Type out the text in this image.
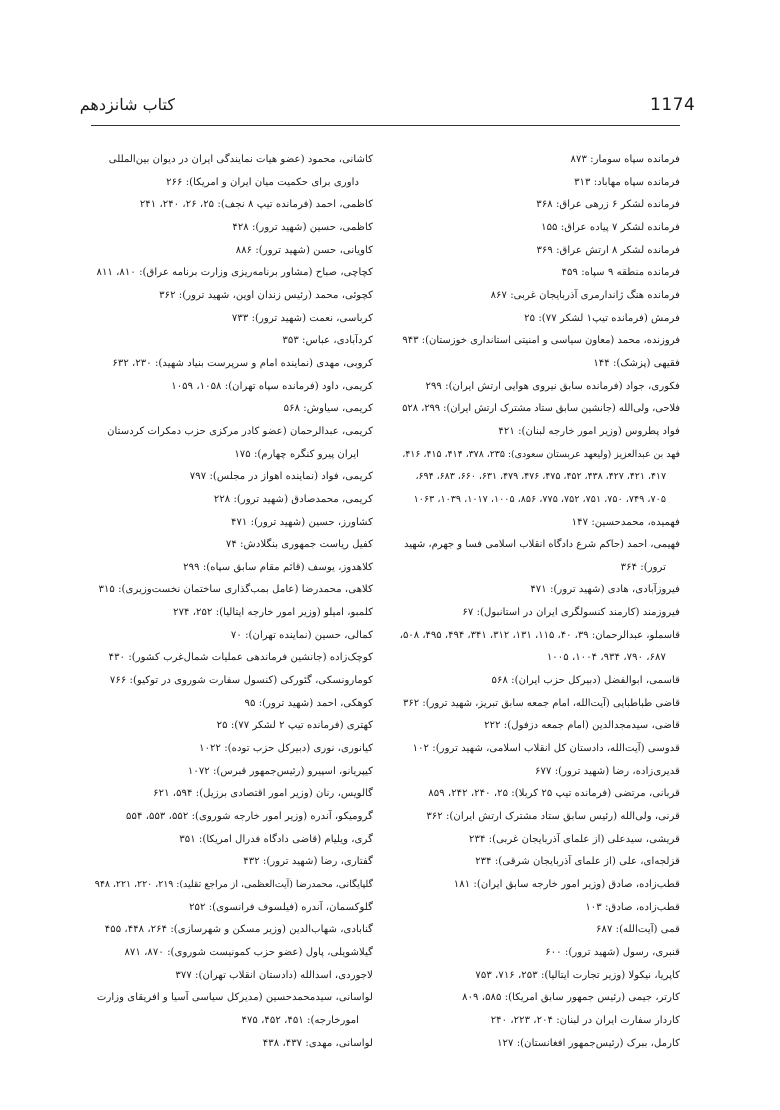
1174
کتاب شانزدهم
فرمانده سپاه سومار: ۸۷۳
فرمانده سپاه مهاباد: ۳۱۳
فرمانده لشکر ۶ زرهی عراق: ۳۶۸
فرمانده لشکر ۷ پیاده عراق: ۱۵۵
فرمانده لشکر ۸ ارتش عراق: ۳۶۹
فرمانده منطقه ۹ سپاه: ۴۵۹
فرمانده هنگ ژاندارمری آذربایجان غربی: ۸۶۷
فرمش (فرمانده تیپ۱ لشکر ۷۷): ۲۵
فروزنده، محمد (معاون سیاسی و امنیتی استانداری خوزستان): ۹۴۳
فقیهی (پزشک): ۱۴۴
فکوری، جواد (فرمانده سابق نیروی هوایی ارتش ایران): ۲۹۹
فلاحی، ولی‌الله (جانشین سابق ستاد مشترک ارتش ایران): ۲۹۹، ۵۲۸
فواد پطروس (وزیر امور خارجه لبنان): ۴۲۱
فهد بن عبدالعزیز (ولیعهد عربستان سعودی): ۲۳۵، ۳۷۸، ۴۱۴، ۴۱۵، ۴۱۶،
۴۱۷، ۴۲۱، ۴۲۷، ۴۳۸، ۴۵۲، ۴۷۵، ۴۷۶، ۴۷۹، ۶۳۱، ۶۶۰، ۶۸۳، ۶۹۴،
۷۰۵، ۷۴۹، ۷۵۰، ۷۵۱، ۷۵۲، ۷۷۵، ۸۵۶، ۱۰۰۵، ۱۰۱۷، ۱۰۳۹، ۱۰۶۳
فهمیده، محمدحسین: ۱۴۷
فهیمی، احمد (حاکم شرع دادگاه انقلاب اسلامی فسا و جهرم، شهید
ترور): ۳۶۴
فیروزآبادی، هادی (شهید ترور): ۴۷۱
فیروزمند (کارمند کنسولگری ایران در استانبول): ۶۷
قاسملو، عبدالرحمان: ۳۹، ۴۰، ۱۱۵، ۱۳۱، ۳۱۲، ۳۴۱، ۴۹۴، ۴۹۵، ۵۰۸،
۶۸۷، ۷۹۰، ۹۳۴، ۱۰۰۴، ۱۰۰۵
قاسمی، ابوالفضل (دبیرکل حزب ایران): ۵۶۸
قاضی طباطبایی (آیت‌الله، امام جمعه سابق تبریز، شهید ترور): ۳۶۲
قاضی، سیدمجدالدین (امام جمعه دزفول): ۲۲۲
قدوسی (آیت‌الله، دادستان کل انقلاب اسلامی، شهید ترور): ۱۰۲
قدیری‌زاده، رضا (شهید ترور): ۶۷۷
قربانی، مرتضی (فرمانده تیپ ۲۵ کربلا): ۲۵، ۲۴۰، ۲۴۲، ۸۵۹
قرنی، ولی‌الله (رئیس سابق ستاد مشترک ارتش ایران): ۳۶۲
قریشی، سیدعلی (از علمای آذربایجان غربی): ۲۳۴
قزلجه‌ای، علی (از علمای آذربایجان شرقی): ۲۳۴
قطب‌زاده، صادق (وزیر امور خارجه سابق ایران): ۱۸۱
قطب‌زاده، صادق: ۱۰۳
قمی (آیت‌الله): ۶۸۷
قنبری، رسول (شهید ترور): ۶۰۰
کاپریا، نیکولا (وزیر تجارت ایتالیا): ۲۵۳، ۷۱۶، ۷۵۳
کارتر، جیمی (رئیس جمهور سابق امریکا): ۵۸۵، ۸۰۹
کاردار سفارت ایران در لبنان: ۲۰۴، ۲۲۳، ۲۴۰
کارمل، ببرک (رئیس‌جمهور افغانستان): ۱۲۷
کاشانی، محمود (عضو هیات نمایندگی ایران در دیوان بین‌المللی
داوری برای حکمیت میان ایران و امریکا): ۲۶۶
کاظمی، احمد (فرمانده تیپ ۸ نجف): ۲۵، ۲۶، ۲۴۰، ۲۴۱
کاظمی، حسین (شهید ترور): ۴۲۸
کاویانی، حسن (شهید ترور): ۸۸۶
کچاچی، صباح (مشاور برنامه‌ریزی وزارت برنامه عراق): ۸۱۰، ۸۱۱
کچوئی، محمد (رئیس زندان اوین، شهید ترور): ۳۶۲
کرباسی، نعمت (شهید ترور): ۷۳۳
کردآبادی، عباس: ۳۵۳
کروبی، مهدی (نماینده امام و سرپرست بنیاد شهید): ۲۳۰، ۶۳۲
کریمی، داود (فرمانده سپاه تهران): ۱۰۵۸، ۱۰۵۹
کریمی، سیاوش: ۵۶۸
کریمی، عبدالرحمان (عضو کادر مرکزی حزب دمکرات کردستان
ایران پیرو کنگره چهارم): ۱۷۵
کریمی، فواد (نماینده اهواز در مجلس): ۷۹۷
کریمی، محمدصادق (شهید ترور): ۲۲۸
کشاورز، حسین (شهید ترور): ۴۷۱
کفیل ریاست جمهوری بنگلادش: ۷۴
کلاهدوز، یوسف (قائم مقام سابق سپاه): ۲۹۹
کلاهی، محمدرضا (عامل بمب‌گذاری ساختمان نخست‌وزیری): ۳۱۵
کلمبو، امیلو (وزیر امور خارجه ایتالیا): ۲۵۲، ۲۷۴
کمالی، حسین (نماینده تهران): ۷۰
کوچک‌زاده (جانشین فرماندهی عملیات شمال‌غرب کشور): ۴۳۰
کومارونسکی، گئورکی (کنسول سفارت شوروی در توکیو): ۷۶۶
کوهکی، احمد (شهید ترور): ۹۵
کهتری (فرمانده تیپ ۲ لشکر ۷۷): ۲۵
کیانوری، نوری (دبیرکل حزب توده): ۱۰۲۲
کیپریانو، اسپیرو (رئیس‌جمهور قبرس): ۱۰۷۲
گالویس، رنان (وزیر امور اقتصادی برزیل): ۵۹۴، ۶۲۱
گرومیکو، آندره (وزیر امور خارجه شوروی): ۵۵۲، ۵۵۳، ۵۵۴
گری، ویلیام (قاضی دادگاه فدرال امریکا): ۳۵۱
گفتاری، رضا (شهید ترور): ۴۳۲
گلپایگانی، محمدرضا (آیت‌العظمی، از مراجع تقلید): ۲۱۹، ۲۲۰، ۲۲۱، ۹۴۸
گلوکسمان، آندره (فیلسوف فرانسوی): ۲۵۲
گنابادی، شهاب‌الدین (وزیر مسکن و شهرسازی): ۲۶۴، ۴۴۸، ۴۵۵
گیلاشویلی، پاول (عضو حزب کمونیست شوروی): ۸۷۰، ۸۷۱
لاجوردی، اسدالله (دادستان انقلاب تهران): ۳۷۷
لواسانی، سیدمحمدحسین (مدیرکل سیاسی آسیا و افریقای وزارت
امورخارجه): ۴۵۱، ۴۵۲، ۴۷۵
لواسانی، مهدی: ۴۳۷، ۴۳۸
